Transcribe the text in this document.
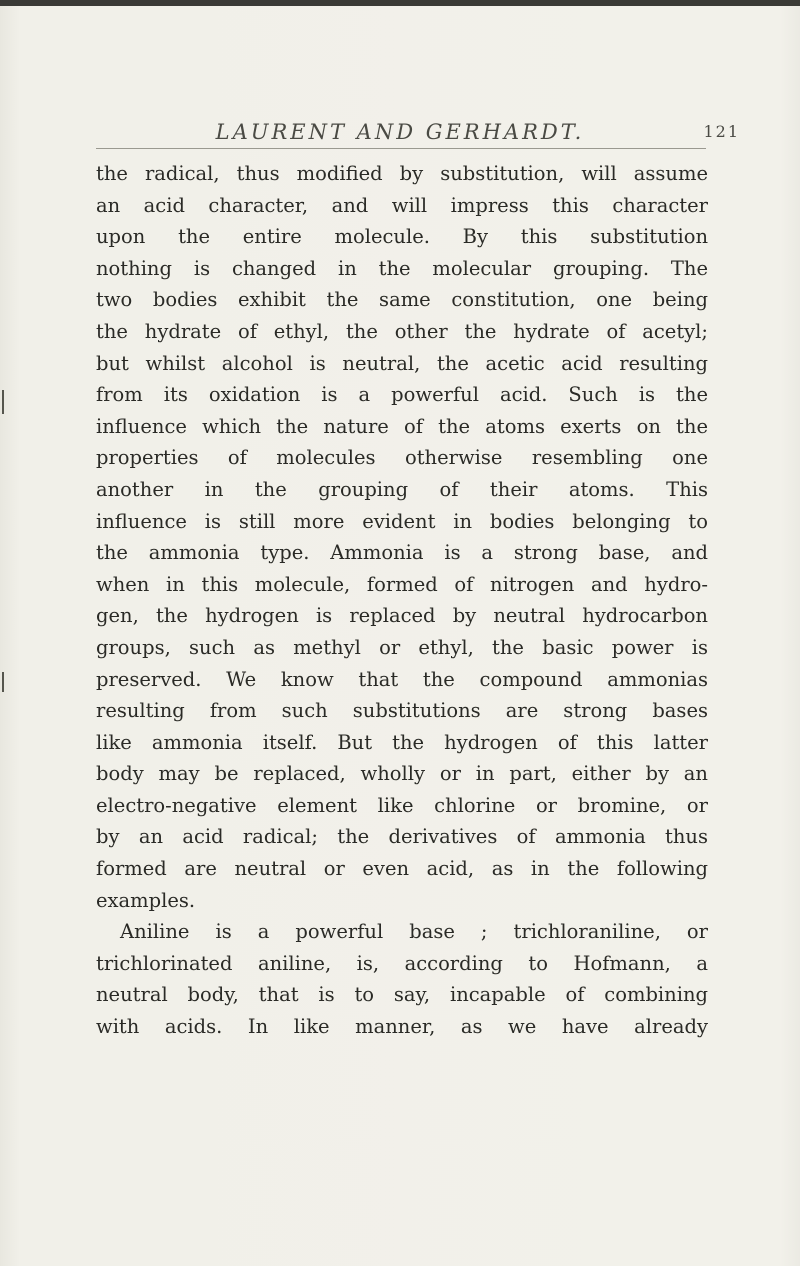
LAURENT AND GERHARDT.	121
the radical, thus modified by substitution, will assume
an acid character, and will impress this character
upon the entire molecule. By this substitution
nothing is changed in the molecular grouping. The
two bodies exhibit the same constitution, one being
the hydrate of ethyl, the other the hydrate of acetyl;
but whilst alcohol is neutral, the acetic acid resulting
from its oxidation is a powerful acid. Such is the
influence which the nature of the atoms exerts on the
properties of molecules otherwise resembling one
another in the grouping of their atoms. This
influence is still more evident in bodies belonging to
the ammonia type. Ammonia is a strong base, and
when in this molecule, formed of nitrogen and hydro-
gen, the hydrogen is replaced by neutral hydrocarbon
groups, such as methyl or ethyl, the basic power is
preserved. We know that the compound ammonias
resulting from such substitutions are strong bases
like ammonia itself. But the hydrogen of this latter
body may be replaced, wholly or in part, either by an
electro-negative element like chlorine or bromine, or
by an acid radical; the derivatives of ammonia thus
formed are neutral or even acid, as in the following
examples.
Aniline is a powerful base ; trichloraniline, or
trichlorinated aniline, is, according to Hofmann, a
neutral body, that is to say, incapable of combining
with acids. In like manner, as we have already
